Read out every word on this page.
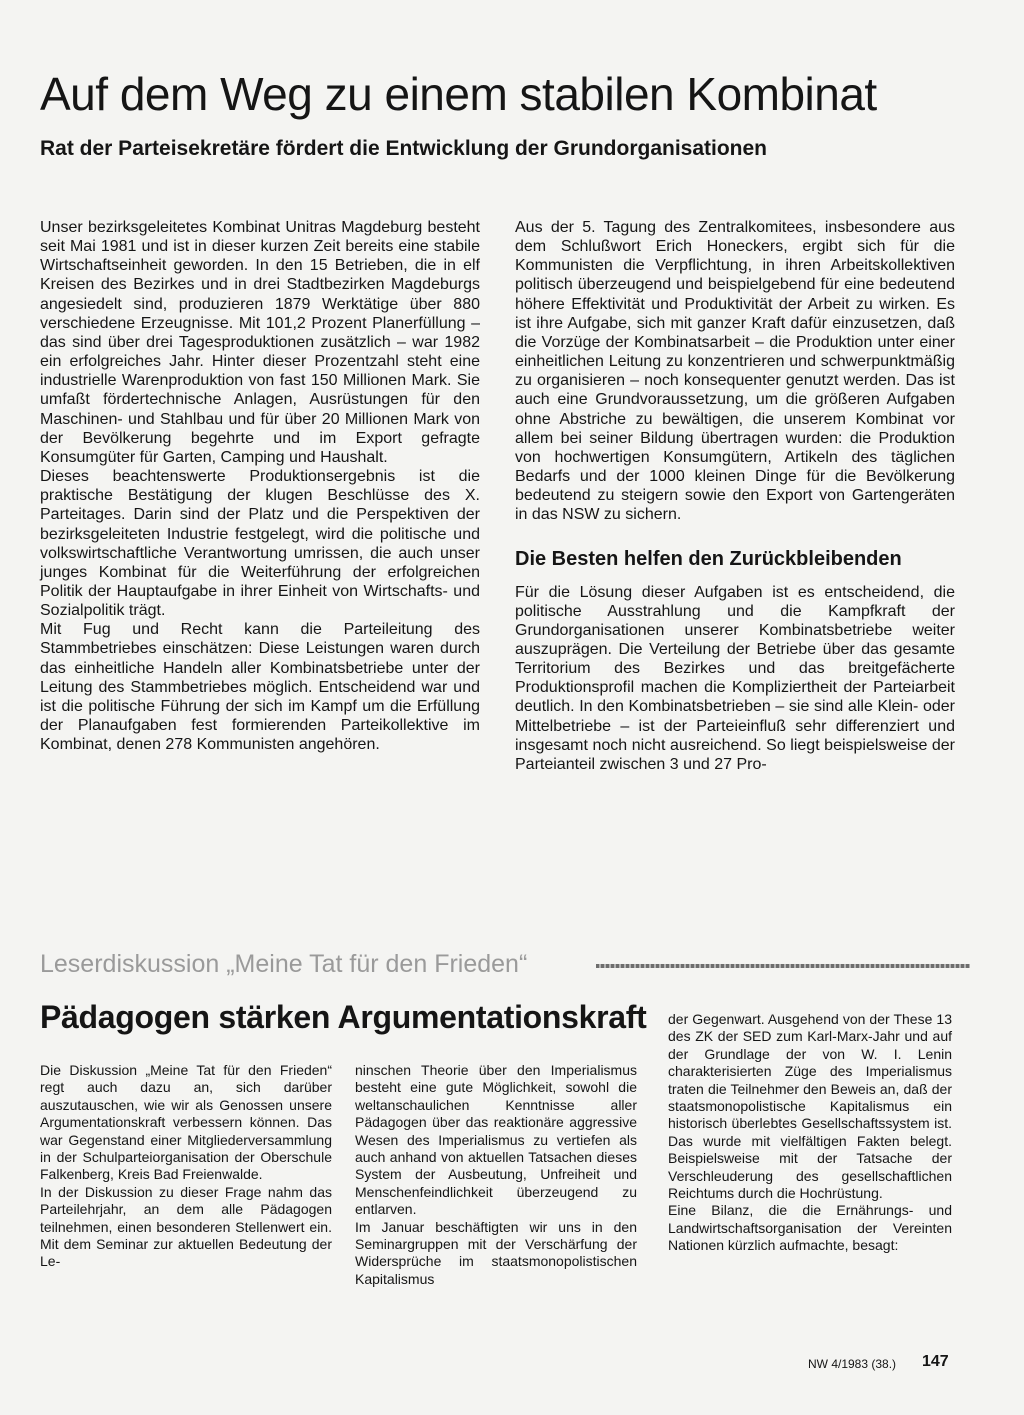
Auf dem Weg zu einem stabilen Kombinat
Rat der Parteisekretäre fördert die Entwicklung der Grundorganisationen

Unser bezirksgeleitetes Kombinat Unitras Magdeburg besteht seit Mai 1981 und ist in dieser kurzen Zeit bereits eine stabile Wirtschaftseinheit geworden. In den 15 Betrieben, die in elf Kreisen des Bezirkes und in drei Stadtbezirken Magdeburgs angesiedelt sind, produzieren 1879 Werktätige über 880 verschiedene Erzeugnisse. Mit 101,2 Prozent Planerfüllung – das sind über drei Tagesproduktionen zusätzlich – war 1982 ein erfolgreiches Jahr. Hinter dieser Prozentzahl steht eine industrielle Warenproduktion von fast 150 Millionen Mark. Sie umfaßt fördertechnische Anlagen, Ausrüstungen für den Maschinen- und Stahlbau und für über 20 Millionen Mark von der Bevölkerung begehrte und im Export gefragte Konsumgüter für Garten, Camping und Haushalt.

Dieses beachtenswerte Produktionsergebnis ist die praktische Bestätigung der klugen Beschlüsse des X. Parteitages. Darin sind der Platz und die Perspektiven der bezirksgeleiteten Industrie festgelegt, wird die politische und volkswirtschaftliche Verantwortung umrissen, die auch unser junges Kombinat für die Weiterführung der erfolgreichen Politik der Hauptaufgabe in ihrer Einheit von Wirtschafts- und Sozialpolitik trägt.

Mit Fug und Recht kann die Parteileitung des Stammbetriebes einschätzen: Diese Leistungen waren durch das einheitliche Handeln aller Kombinatsbetriebe unter der Leitung des Stammbetriebes möglich. Entscheidend war und ist die politische Führung der sich im Kampf um die Erfüllung der Planaufgaben fest formierenden Parteikollektive im Kombinat, denen 278 Kommunisten angehören.

Aus der 5. Tagung des Zentralkomitees, insbesondere aus dem Schlußwort Erich Honeckers, ergibt sich für die Kommunisten die Verpflichtung, in ihren Arbeitskollektiven politisch überzeugend und beispielgebend für eine bedeutend höhere Effektivität und Produktivität der Arbeit zu wirken. Es ist ihre Aufgabe, sich mit ganzer Kraft dafür einzusetzen, daß die Vorzüge der Kombinatsarbeit – die Produktion unter einer einheitlichen Leitung zu konzentrieren und schwerpunktmäßig zu organisieren – noch konsequenter genutzt werden. Das ist auch eine Grundvoraussetzung, um die größeren Aufgaben ohne Abstriche zu bewältigen, die unserem Kombinat vor allem bei seiner Bildung übertragen wurden: die Produktion von hochwertigen Konsumgütern, Artikeln des täglichen Bedarfs und der 1000 kleinen Dinge für die Bevölkerung bedeutend zu steigern sowie den Export von Gartengeräten in das NSW zu sichern.

Die Besten helfen den Zurückbleibenden

Für die Lösung dieser Aufgaben ist es entscheidend, die politische Ausstrahlung und die Kampfkraft der Grundorganisationen unserer Kombinatsbetriebe weiter auszuprägen. Die Verteilung der Betriebe über das gesamte Territorium des Bezirkes und das breitgefächerte Produktionsprofil machen die Kompliziertheit der Parteiarbeit deutlich. In den Kombinatsbetrieben – sie sind alle Klein- oder Mittelbetriebe – ist der Parteieinfluß sehr differenziert und insgesamt noch nicht ausreichend. So liegt beispielsweise der Parteianteil zwischen 3 und 27 Pro-

Leserdiskussion „Meine Tat für den Frieden“
Pädagogen stärken Argumentationskraft

Die Diskussion „Meine Tat für den Frieden“ regt auch dazu an, sich darüber auszutauschen, wie wir als Genossen unsere Argumentationskraft verbessern können. Das war Gegenstand einer Mitgliederversammlung in der Schulparteiorganisation der Oberschule Falkenberg, Kreis Bad Freienwalde.

In der Diskussion zu dieser Frage nahm das Parteilehrjahr, an dem alle Pädagogen teilnehmen, einen besonderen Stellenwert ein. Mit dem Seminar zur aktuellen Bedeutung der Le-

ninschen Theorie über den Imperialismus besteht eine gute Möglichkeit, sowohl die weltanschaulichen Kenntnisse aller Pädagogen über das reaktionäre aggressive Wesen des Imperialismus zu vertiefen als auch anhand von aktuellen Tatsachen dieses System der Ausbeutung, Unfreiheit und Menschenfeindlichkeit überzeugend zu entlarven.

Im Januar beschäftigten wir uns in den Seminargruppen mit der Verschärfung der Widersprüche im staatsmonopolistischen Kapitalismus

der Gegenwart. Ausgehend von der These 13 des ZK der SED zum Karl-Marx-Jahr und auf der Grundlage der von W. I. Lenin charakterisierten Züge des Imperialismus traten die Teilnehmer den Beweis an, daß der staatsmonopolistische Kapitalismus ein historisch überlebtes Gesellschaftssystem ist. Das wurde mit vielfältigen Fakten belegt. Beispielsweise mit der Tatsache der Verschleuderung des gesellschaftlichen Reichtums durch die Hochrüstung.

Eine Bilanz, die die Ernährungs- und Landwirtschaftsorganisation der Vereinten Nationen kürzlich aufmachte, besagt:

NW 4/1983 (38.) 147
